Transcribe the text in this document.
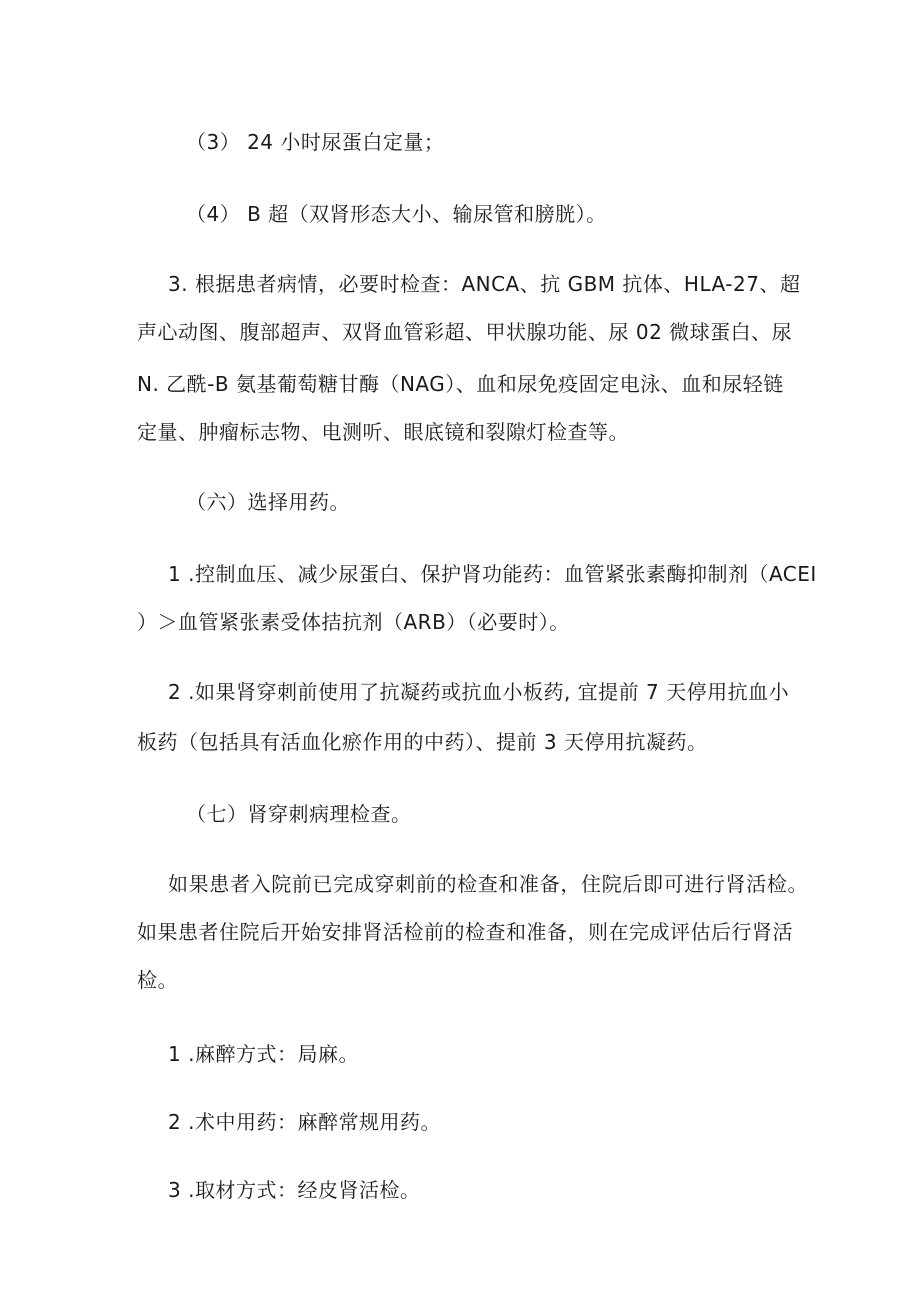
（3） 24 小时尿蛋白定量；
（4） B 超（双肾形态大小、输尿管和膀胱）。
3. 根据患者病情，必要时检查：ANCA、抗 GBM 抗体、HLA-27、超
声心动图、腹部超声、双肾血管彩超、甲状腺功能、尿 02 微球蛋白、尿
N. 乙酰-B 氨基葡萄糖甘酶（NAG）、血和尿免疫固定电泳、血和尿轻链
定量、肿瘤标志物、电测听、眼底镜和裂隙灯检查等。
（六）选择用药。
1 .控制血压、减少尿蛋白、保护肾功能药：血管紧张素酶抑制剂（ACEI
）＞血管紧张素受体拮抗剂（ARB）（必要时）。
2 .如果肾穿刺前使用了抗凝药或抗血小板药, 宜提前 7 天停用抗血小
板药（包括具有活血化瘀作用的中药）、提前 3 天停用抗凝药。
（七）肾穿刺病理检查。
如果患者入院前已完成穿刺前的检查和准备，住院后即可进行肾活检。
如果患者住院后开始安排肾活检前的检查和准备，则在完成评估后行肾活
检。
1 .麻醉方式：局麻。
2 .术中用药：麻醉常规用药。
3 .取材方式：经皮肾活检。
